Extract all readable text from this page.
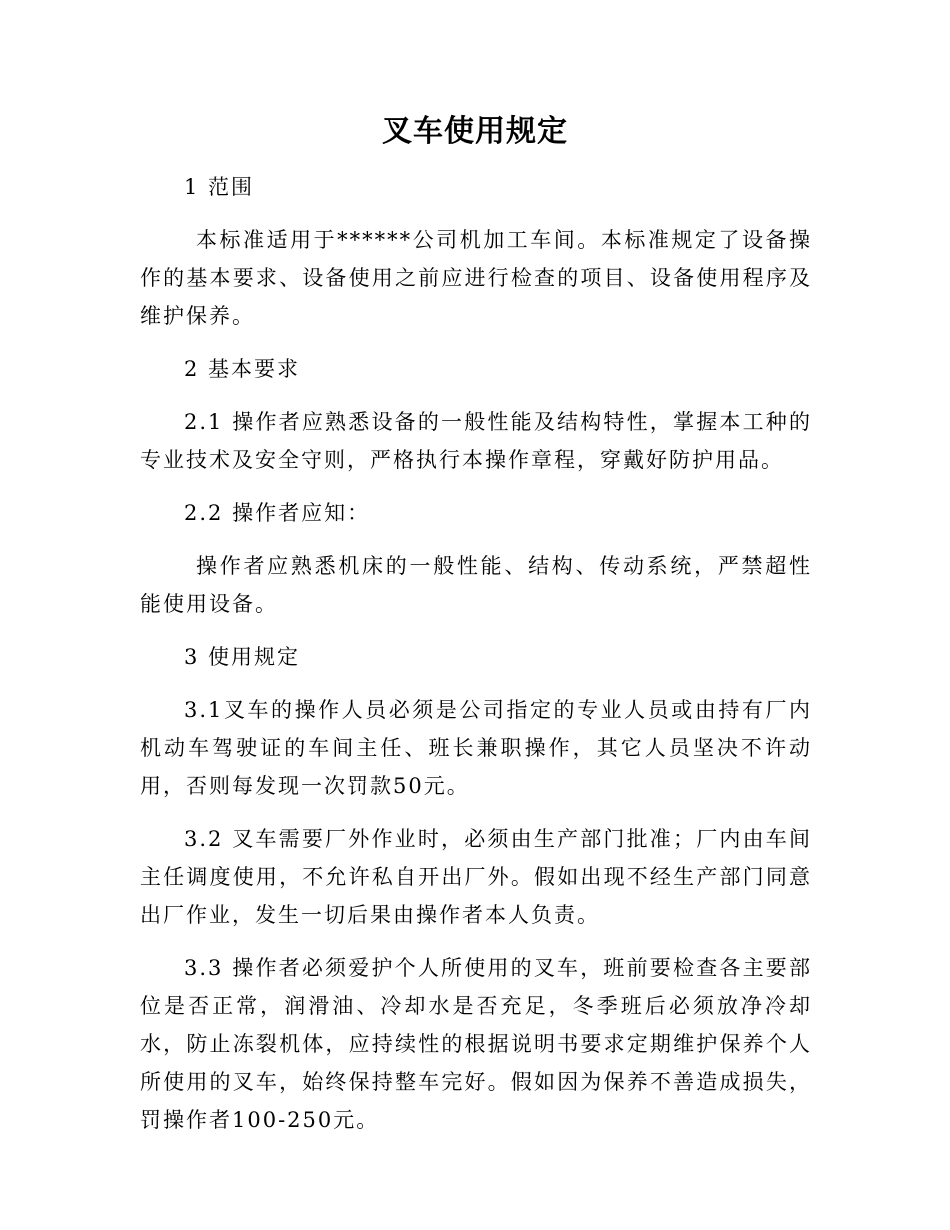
叉车使用规定

1 范围

本标准适用于******公司机加工车间。本标准规定了设备操作的基本要求、设备使用之前应进行检查的项目、设备使用程序及维护保养。

2 基本要求

2.1 操作者应熟悉设备的一般性能及结构特性，掌握本工种的专业技术及安全守则，严格执行本操作章程，穿戴好防护用品。

2.2 操作者应知：

操作者应熟悉机床的一般性能、结构、传动系统，严禁超性能使用设备。

3 使用规定

3.1叉车的操作人员必须是公司指定的专业人员或由持有厂内机动车驾驶证的车间主任、班长兼职操作，其它人员坚决不许动用，否则每发现一次罚款50元。

3.2 叉车需要厂外作业时，必须由生产部门批准；厂内由车间主任调度使用，不允许私自开出厂外。假如出现不经生产部门同意出厂作业，发生一切后果由操作者本人负责。

3.3 操作者必须爱护个人所使用的叉车，班前要检查各主要部位是否正常，润滑油、冷却水是否充足，冬季班后必须放净冷却水，防止冻裂机体，应持续性的根据说明书要求定期维护保养个人所使用的叉车，始终保持整车完好。假如因为保养不善造成损失，罚操作者100-250元。
